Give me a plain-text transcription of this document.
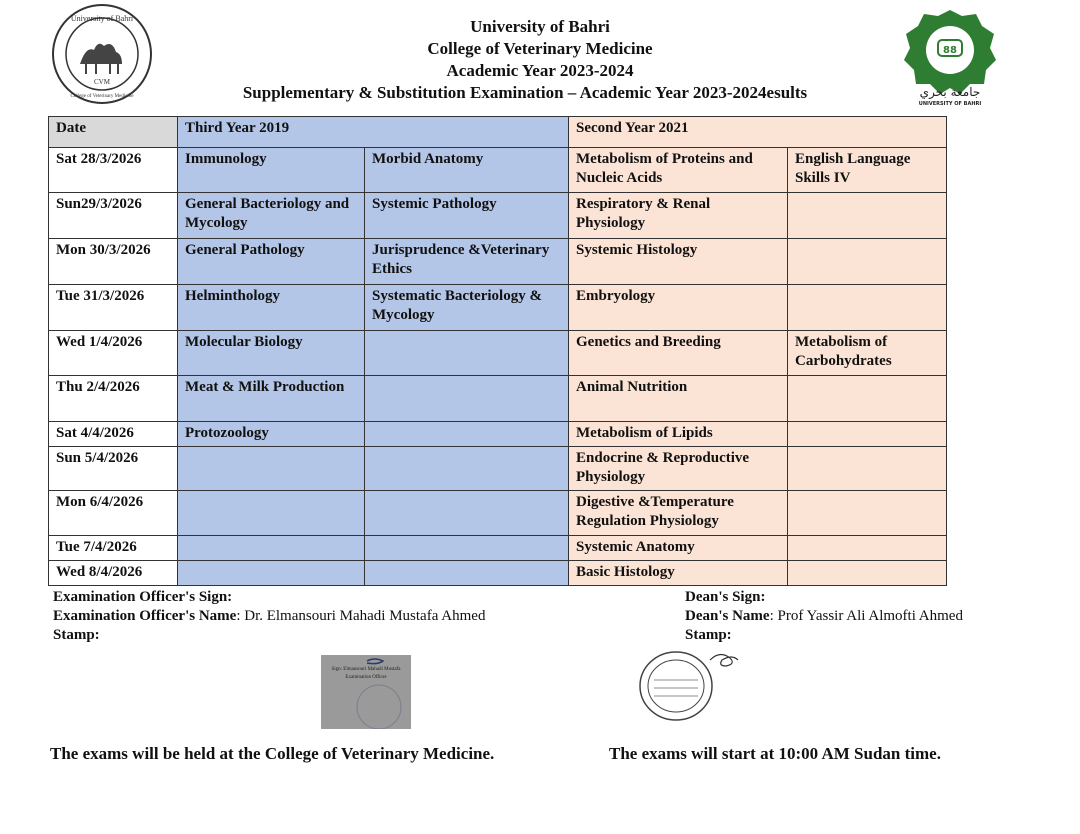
University of Bahri
CVM
College of Veterinary Medicine
88
جامعة بحري
UNIVERSITY OF BAHRI
University of Bahri
College of Veterinary Medicine
Academic Year 2023-2024
Supplementary & Substitution Examination – Academic Year 2023-2024esults
Date	Third Year 2019		Second Year 2021	
Sat 28/3/2026	Immunology	Morbid Anatomy	Metabolism of Proteins and Nucleic Acids	English Language Skills IV
Sun29/3/2026	General Bacteriology and Mycology	Systemic Pathology	Respiratory & Renal Physiology	
Mon 30/3/2026	General Pathology	Jurisprudence &Veterinary Ethics	Systemic Histology	
Tue 31/3/2026	Helminthology	Systematic Bacteriology & Mycology	Embryology	
Wed 1/4/2026	Molecular Biology		Genetics and Breeding	Metabolism of Carbohydrates
Thu 2/4/2026	Meat & Milk Production		Animal Nutrition	
Sat 4/4/2026	Protozoology		Metabolism of Lipids	
Sun 5/4/2026			Endocrine & Reproductive Physiology	
Mon 6/4/2026			Digestive &Temperature Regulation Physiology	
Tue 7/4/2026			Systemic Anatomy	
Wed 8/4/2026			Basic Histology	
Examination Officer's Sign:
Examination Officer's Name: Dr. Elmansouri Mahadi Mustafa Ahmed
Stamp:
Dean's Sign:
Dean's Name: Prof Yassir Ali Almofti Ahmed
Stamp:
Sign: Elmansouri Mahadi Mustafa
Examination Officer
The exams will be held at the College of Veterinary Medicine.	The exams will start at 10:00 AM Sudan time.
